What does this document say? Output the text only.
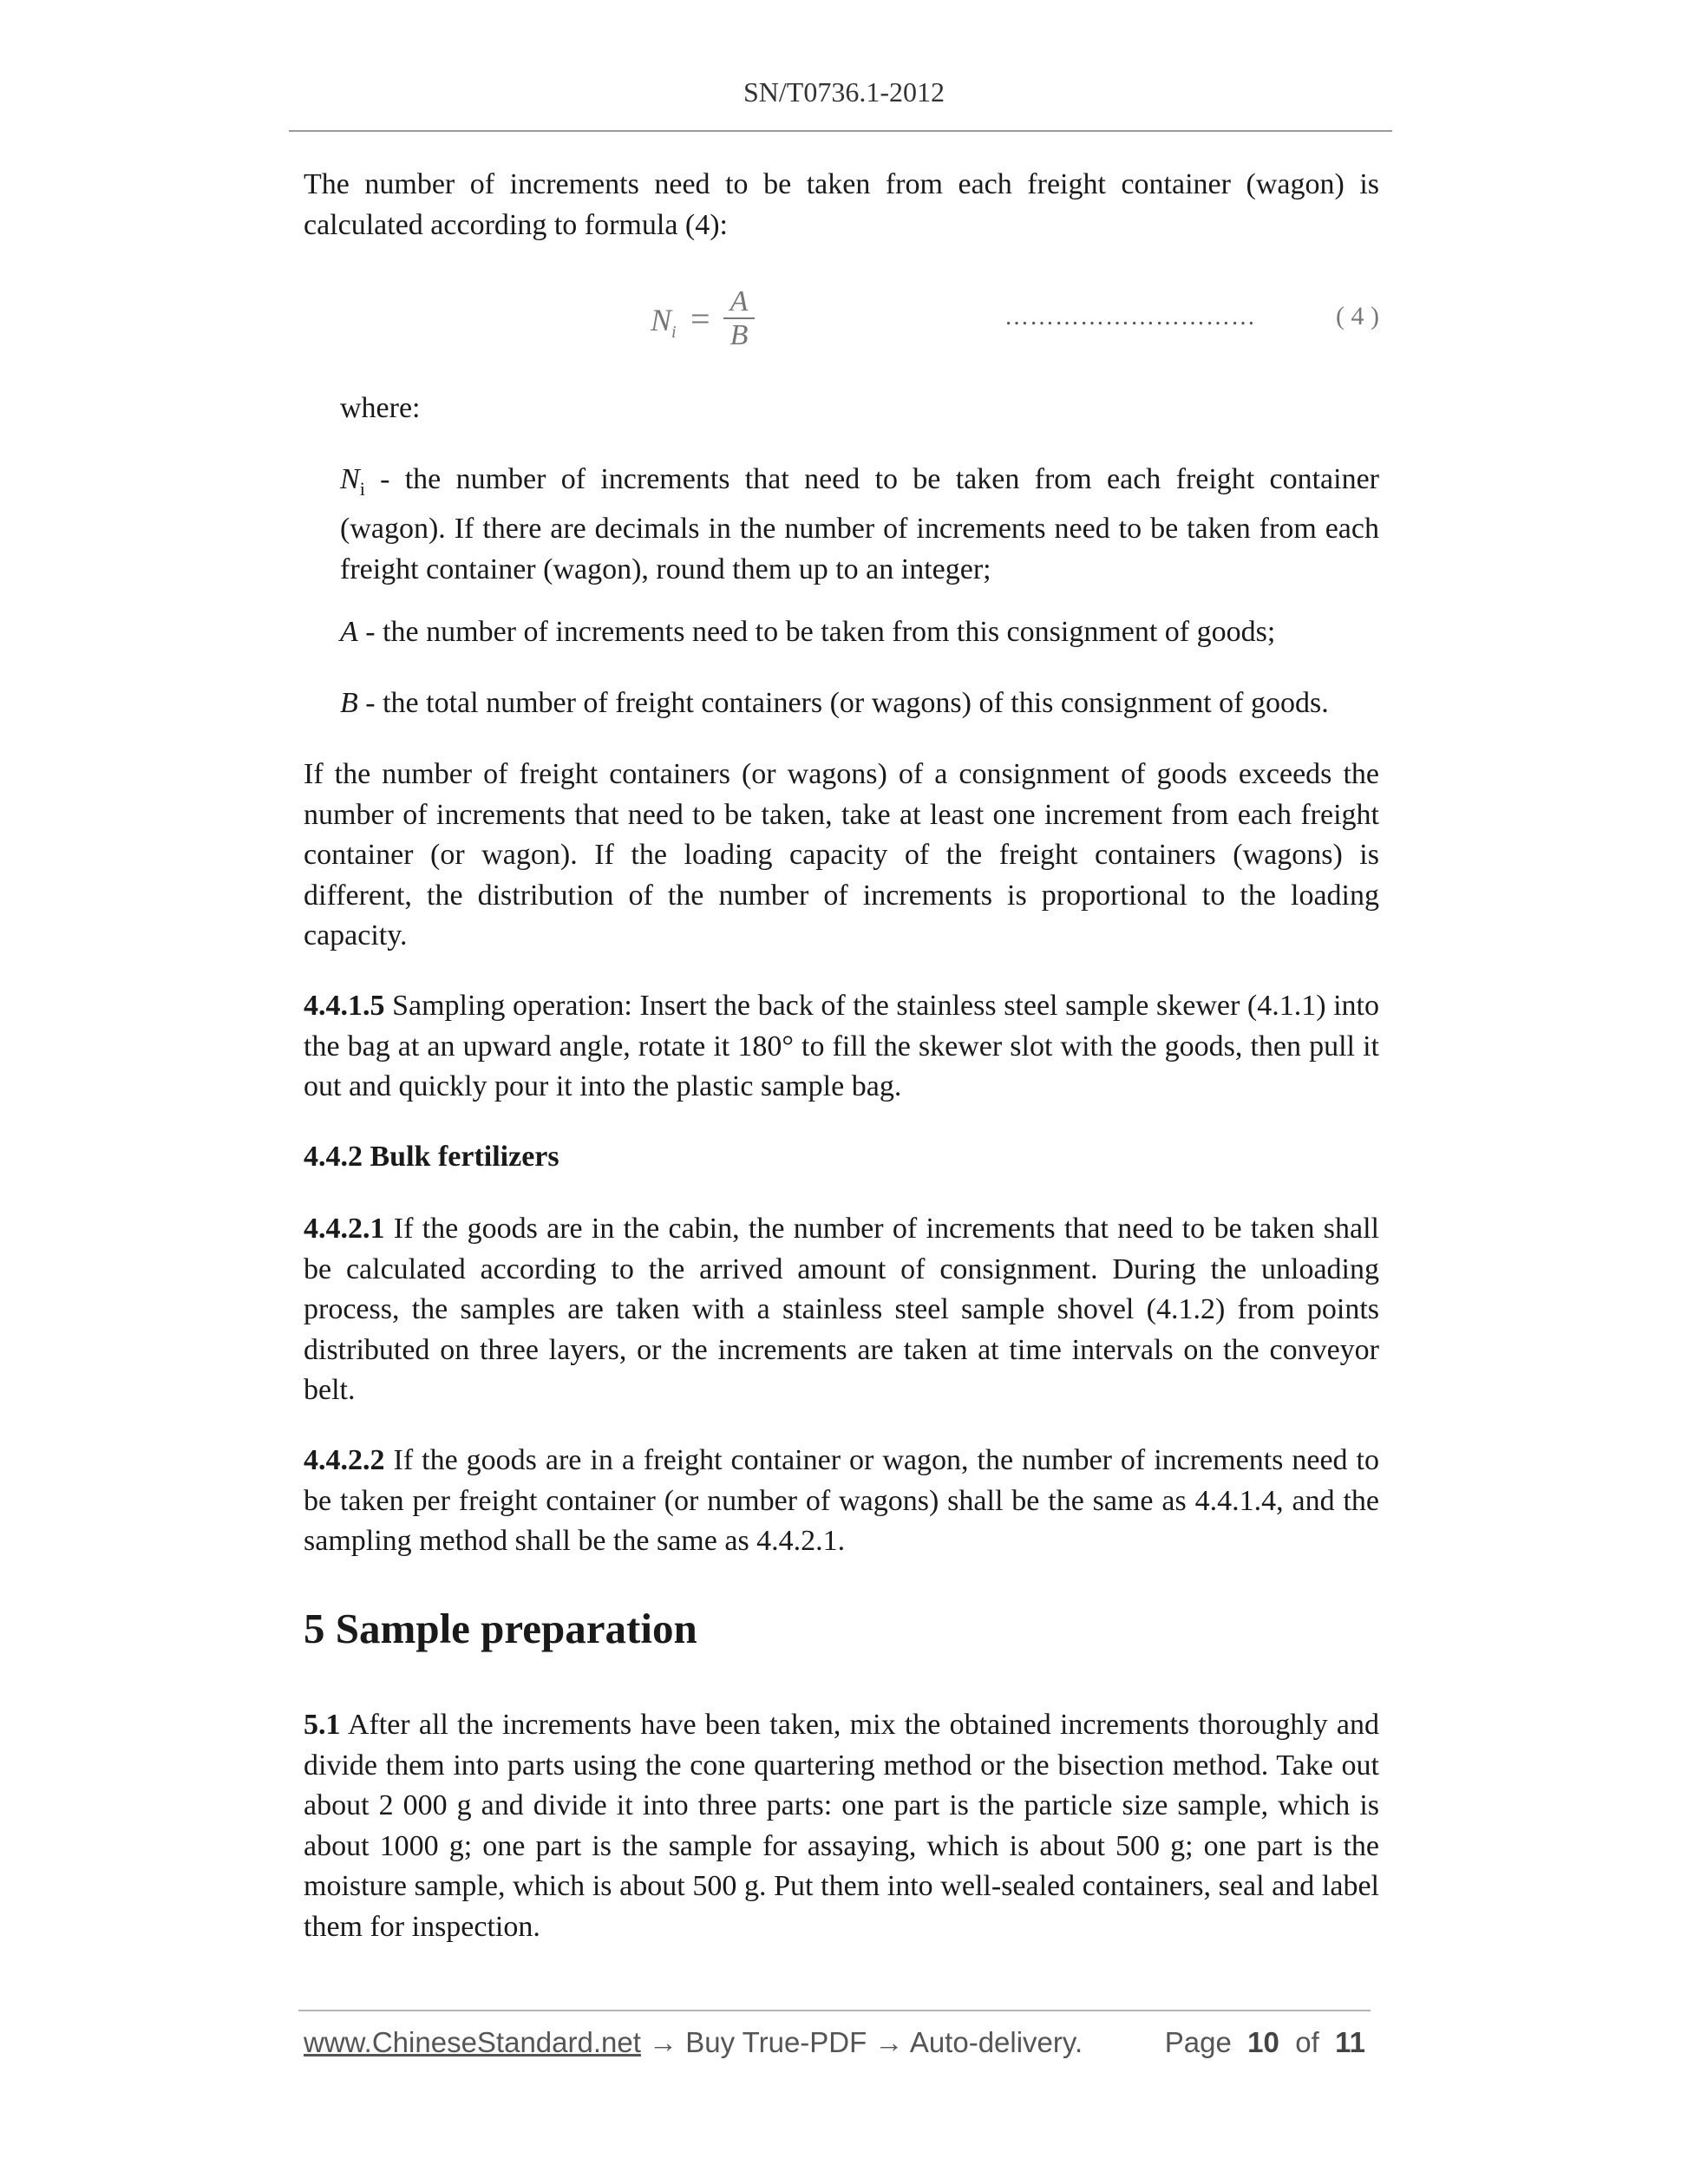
SN/T0736.1-2012
The number of increments need to be taken from each freight container (wagon) is calculated according to formula (4):
$N_i = A$
B
…………………………	( 4 )
where:
$N_i$ - the number of increments that need to be taken from each freight container (wagon). If there are decimals in the number of increments need to be taken from each freight container (wagon), round them up to an integer;
A - the number of increments need to be taken from this consignment of goods;
B - the total number of freight containers (or wagons) of this consignment of goods.
If the number of freight containers (or wagons) of a consignment of goods exceeds the number of increments that need to be taken, take at least one increment from each freight container (or wagon). If the loading capacity of the freight containers (wagons) is different, the distribution of the number of increments is proportional to the loading capacity.
4.4.1.5 Sampling operation: Insert the back of the stainless steel sample skewer (4.1.1) into the bag at an upward angle, rotate it 180° to fill the skewer slot with the goods, then pull it out and quickly pour it into the plastic sample bag.
4.4.2 Bulk fertilizers
4.4.2.1 If the goods are in the cabin, the number of increments that need to be taken shall be calculated according to the arrived amount of consignment. During the unloading process, the samples are taken with a stainless steel sample shovel (4.1.2) from points distributed on three layers, or the increments are taken at time intervals on the conveyor belt.
4.4.2.2 If the goods are in a freight container or wagon, the number of increments need to be taken per freight container (or number of wagons) shall be the same as 4.4.1.4, and the sampling method shall be the same as 4.4.2.1.
5 Sample preparation
5.1 After all the increments have been taken, mix the obtained increments thoroughly and divide them into parts using the cone quartering method or the bisection method. Take out about 2 000 g and divide it into three parts: one part is the particle size sample, which is about 1000 g; one part is the sample for assaying, which is about 500 g; one part is the moisture sample, which is about 500 g. Put them into well-sealed containers, seal and label them for inspection.
www.ChineseStandard.net → Buy True-PDF → Auto-delivery.	Page 10 of 11
